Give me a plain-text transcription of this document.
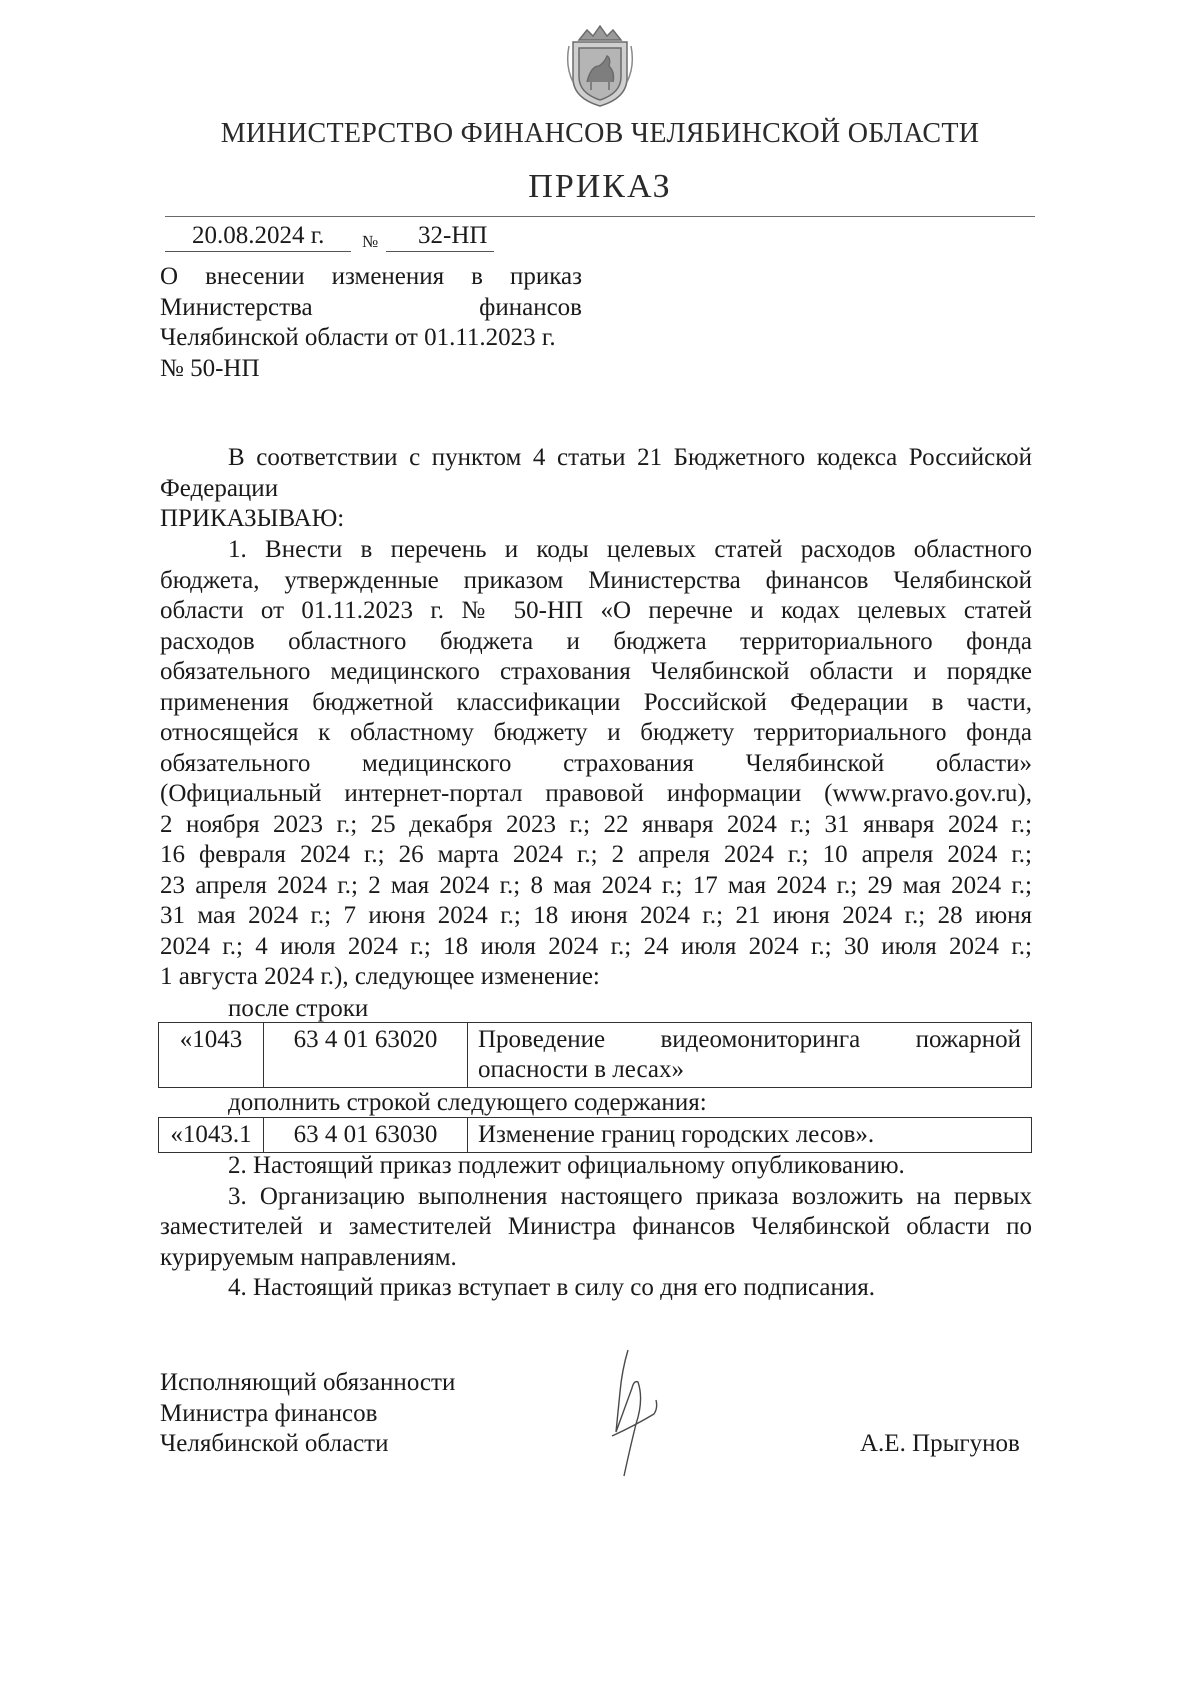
МИНИСТЕРСТВО ФИНАНСОВ ЧЕЛЯБИНСКОЙ ОБЛАСТИ
ПРИКАЗ
20.08.2024 г. № 32-НП
О внесении изменения в приказ
Министерства финансов
Челябинской области от 01.11.2023 г.
№ 50-НП
В соответствии с пунктом 4 статьи 21 Бюджетного кодекса Российской
Федерации
ПРИКАЗЫВАЮ:
1. Внести в перечень и коды целевых статей расходов областного
бюджета, утвержденные приказом Министерства финансов Челябинской
области от 01.11.2023 г. № 50-НП «О перечне и кодах целевых статей
расходов областного бюджета и бюджета территориального фонда
обязательного медицинского страхования Челябинской области и порядке
применения бюджетной классификации Российской Федерации в части,
относящейся к областному бюджету и бюджету территориального фонда
обязательного медицинского страхования Челябинской области»
(Официальный интернет-портал правовой информации (www.pravo.gov.ru),
2 ноября 2023 г.; 25 декабря 2023 г.; 22 января 2024 г.; 31 января 2024 г.;
16 февраля 2024 г.; 26 марта 2024 г.; 2 апреля 2024 г.; 10 апреля 2024 г.;
23 апреля 2024 г.; 2 мая 2024 г.; 8 мая 2024 г.; 17 мая 2024 г.; 29 мая 2024 г.;
31 мая 2024 г.; 7 июня 2024 г.; 18 июня 2024 г.; 21 июня 2024 г.; 28 июня
2024 г.; 4 июля 2024 г.; 18 июля 2024 г.; 24 июля 2024 г.; 30 июля 2024 г.;
1 августа 2024 г.), следующее изменение:
после строки
«1043	63 4 01 63020	Проведение видеомониторинга пожарной
опасности в лесах»
дополнить строкой следующего содержания:
«1043.1	63 4 01 63030	Изменение границ городских лесов».
2. Настоящий приказ подлежит официальному опубликованию.
3. Организацию выполнения настоящего приказа возложить на первых
заместителей и заместителей Министра финансов Челябинской области по
курируемым направлениям.
4. Настоящий приказ вступает в силу со дня его подписания.
Исполняющий обязанности
Министра финансов
Челябинской области	А.Е. Прыгунов
